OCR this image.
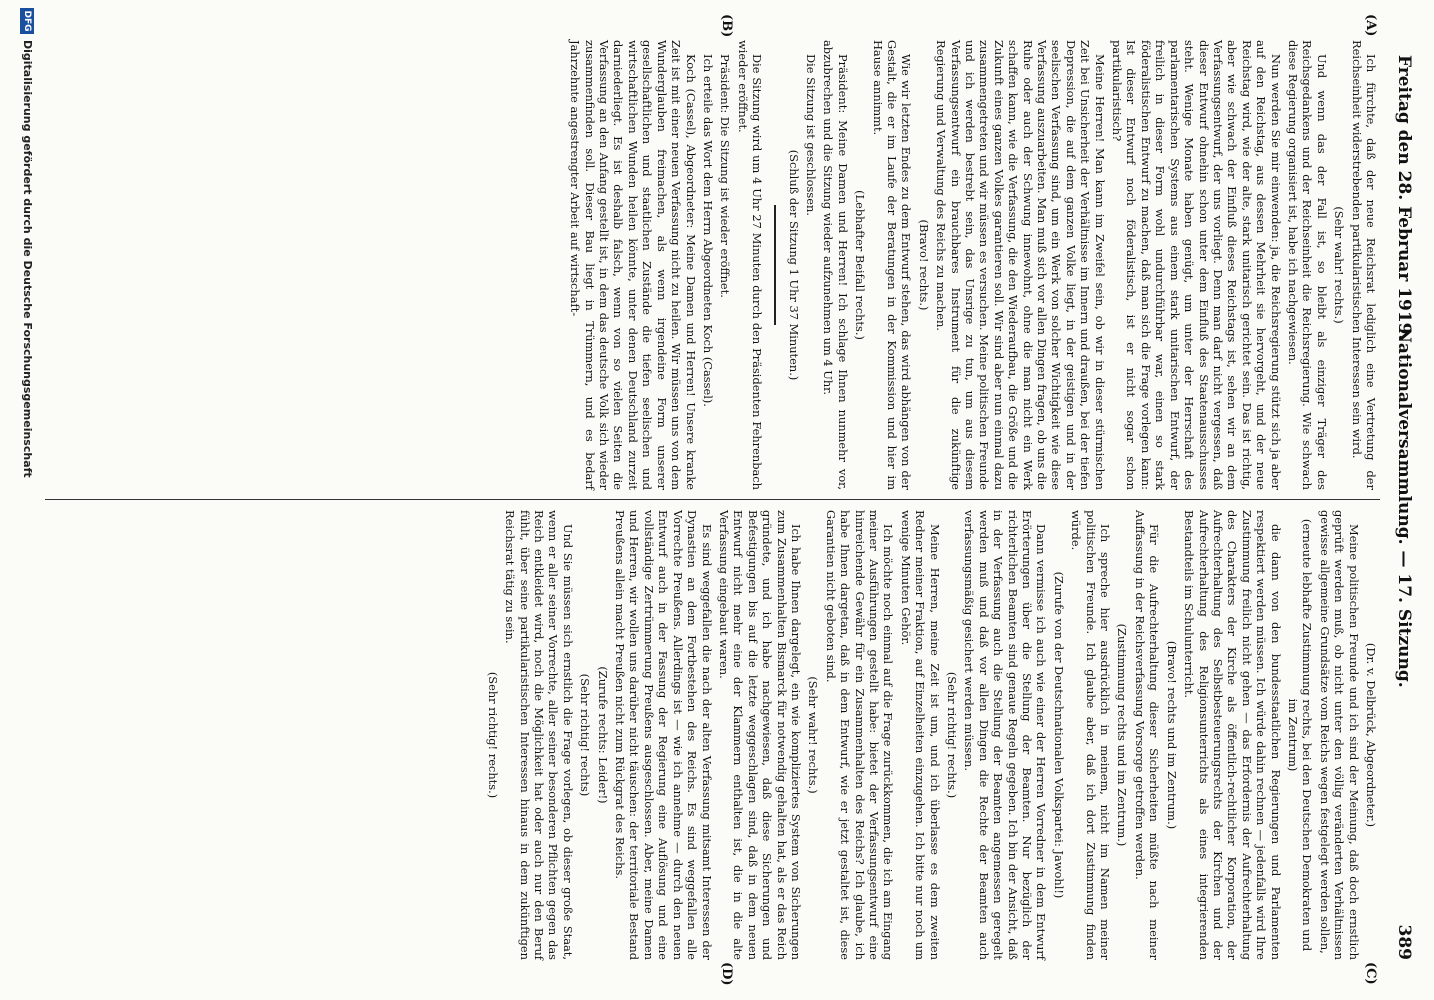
Freitag den 28. Februar 1919.
Nationalversammlung. — 17. Sitzung.
389
(C)
(D)
(A)
(B)

Ich fürchte, daß der neue Reichsrat lediglich eine Vertretung der Reichseinheit widerstrebenden partikularistischen Interessen sein wird.

(Sehr wahr! rechts.)

Und wenn das der Fall ist, so bleibt als einziger Träger des Reichsgedankens und der Reichseinheit die Reichsregierung. Wie schwach diese Regierung organisiert ist, habe ich nachgewiesen.

Nun werden Sie mir einwenden: ja, die Reichsregierung stützt sich ja aber auf den Reichstag, aus dessen Mehrheit sie hervorgeht, und der neue Reichstag wird, wie der alte, stark unitarisch gerichtet sein. Das ist richtig, aber wie schwach der Einfluß dieses Reichstags ist, sehen wir an dem Verfassungsentwurf, der uns vorliegt. Denn man darf nicht vergessen, daß dieser Entwurf ohnehin schon unter dem Einfluß des Staatenausschusses steht. Wenige Monate haben genügt, um unter der Herrschaft des parlamentarischen Systems aus einem stark unitarischen Entwurf, der freilich in dieser Form wohl undurchführbar war, einen so stark föderalistischen Entwurf zu machen, daß man sich die Frage vorlegen kann: Ist dieser Entwurf noch föderalistisch, ist er nicht sogar schon partikularistisch?

Meine Herren! Man kann im Zweifel sein, ob wir in dieser stürmischen Zeit bei Unsicherheit der Verhältnisse im Innern und draußen, bei der tiefen Depression, die auf dem ganzen Volke liegt, in der geistigen und in der seelischen Verfassung sind, um ein Werk von solcher Wichtigkeit wie diese Verfassung auszuarbeiten. Man muß sich vor allen Dingen fragen, ob uns die Ruhe oder auch der Schwung innewohnt, ohne die man nicht ein Werk schaffen kann, wie die Verfassung, die den Wiederaufbau, die Größe und die Zukunft eines ganzen Volkes garantieren soll. Wir sind aber nun einmal dazu zusammengetreten und wir müssen es versuchen. Meine politischen Freunde und ich werden bestrebt sein, das Unsrige zu tun, um aus diesem Verfassungsentwurf ein brauchbares Instrument für die zukünftige Regierung und Verwaltung des Reichs zu machen.

(Bravo! rechts.)

Wie wir letzten Endes zu dem Entwurf stehen, das wird abhängen von der Gestalt, die er im Laufe der Beratungen in der Kommission und hier im Hause annimmt.

(Lebhafter Beifall rechts.)

Präsident: Meine Damen und Herren! Ich schlage Ihnen nunmehr vor, abzubrechen und die Sitzung wieder aufzunehmen um 4 Uhr.

Die Sitzung ist geschlossen.

(Schluß der Sitzung 1 Uhr 37 Minuten.)

Die Sitzung wird um 4 Uhr 27 Minuten durch den Präsidenten Fehrenbach wieder eröffnet.

Präsident: Die Sitzung ist wieder eröffnet.

Ich erteile das Wort dem Herrn Abgeordneten Koch (Cassel).

Koch (Cassel), Abgeordneter: Meine Damen und Herren! Unsere kranke Zeit ist mit einer neuen Verfassung nicht zu heilen. Wir müssen uns von dem Wunderglauben freimachen, als wenn irgendeine Form unserer gesellschaftlichen und staatlichen Zustände die tiefen seelischen und wirtschaftlichen Wunden heilen könnte, unter denen Deutschland zurzeit darniederliegt. Es ist deshalb falsch, wenn von so vielen Seiten die Verfassung an den Anfang gestellt ist, in dem das deutsche Volk sich wieder zusammenfinden soll. Dieser Bau liegt in Trümmern, und es bedarf Jahrzehnte angestrengter Arbeit auf wirtschaft-

(Dr. v. Delbrück, Abgeordneter.)

Meine politischen Freunde und ich sind der Meinung, daß doch ernstlich geprüft werden muß, ob nicht unter den völlig veränderten Verhältnissen gewisse allgemeine Grundsätze vom Reichs wegen festgelegt werden sollen,

(erneute lebhafte Zustimmung rechts, bei den Deutschen Demokraten und im Zentrum)

die dann von den bundesstaatlichen Regierungen und Parlamenten respektiert werden müssen. Ich würde dahin rechnen — jedenfalls wird Ihre Zustimmung freilich nicht gehen — das Erfordernis der Aufrechterhaltung des Charakters der Kirche als öffentlich-rechtlicher Korporation, der Aufrechterhaltung des Selbstbesteuerungsrechts der Kirchen und der Aufrechterhaltung des Religionsunterrichts als eines integrierenden Bestandteils im Schulunterricht.

(Bravo! rechts und im Zentrum.)

Für die Aufrechterhaltung dieser Sicherheiten müßte nach meiner Auffassung in der Reichsverfassung Vorsorge getroffen werden.

(Zustimmung rechts und im Zentrum.)

Ich spreche hier ausdrücklich in meinem, nicht im Namen meiner politischen Freunde. Ich glaube aber, daß ich dort Zustimmung finden würde.

(Zurufe von der Deutschnationalen Volkspartei: Jawohl!)

Dann vermisse ich auch wie einer der Herren Vorredner in dem Entwurf Erörterungen über die Stellung der Beamten. Nur bezüglich der richterlichen Beamten sind genaue Regeln gegeben. Ich bin der Ansicht, daß in der Verfassung auch die Stellung der Beamten angemessen geregelt werden muß und daß vor allen Dingen die Rechte der Beamten auch verfassungsmäßig gesichert werden müssen.

(Sehr richtig! rechts.)

Meine Herren, meine Zeit ist um, und ich überlasse es dem zweiten Redner meiner Fraktion, auf Einzelheiten einzugehen. Ich bitte nur noch um wenige Minuten Gehör.

Ich möchte noch einmal auf die Frage zurückkommen, die ich am Eingang meiner Ausführungen gestellt habe: bietet der Verfassungsentwurf eine hinreichende Gewähr für ein Zusammenhalten des Reichs? Ich glaube, ich habe Ihnen dargetan, daß in dem Entwurf, wie er jetzt gestaltet ist, diese Garantien nicht geboten sind.

(Sehr wahr! rechts.)

Ich habe Ihnen dargelegt, ein wie kompliziertes System von Sicherungen zum Zusammenhalten Bismarck für notwendig gehalten hat, als er das Reich gründete, und ich habe nachgewiesen, daß diese Sicherungen und Befestigungen bis auf die letzte weggeschlagen sind, daß in dem neuen Entwurf nicht mehr eine der Klammern enthalten ist, die in die alte Verfassung eingebaut waren.

Es sind weggefallen die nach der alten Verfassung mitsamt Interessen der Dynastien an dem Fortbestehen des Reichs. Es sind weggefallen alle Vorrechte Preußens. Allerdings ist — wie ich annehme — durch den neuen Entwurf auch in der Fassung der Regierung eine Auflösung und eine vollständige Zertrümmerung Preußens ausgeschlossen. Aber, meine Damen und Herren, wir wollen uns darüber nicht täuschen: der territoriale Bestand Preußens allein macht Preußen nicht zum Rückgrat des Reichs.

(Zurufe rechts: Leider!)

(Sehr richtig! rechts)

Und Sie müssen sich ernstlich die Frage vorlegen, ob dieser große Staat, wenn er aller seiner Vorrechte, aller seiner besonderen Pflichten gegen das Reich entkleidet wird, noch die Möglichkeit hat oder auch nur den Beruf fühlt, über seine partikularistischen Interessen hinaus in dem zukünftigen Reichsrat tätig zu sein.

(Sehr richtig! rechts.)

DFG
Digitalisierung gefördert durch die Deutsche Forschungsgemeinschaft
